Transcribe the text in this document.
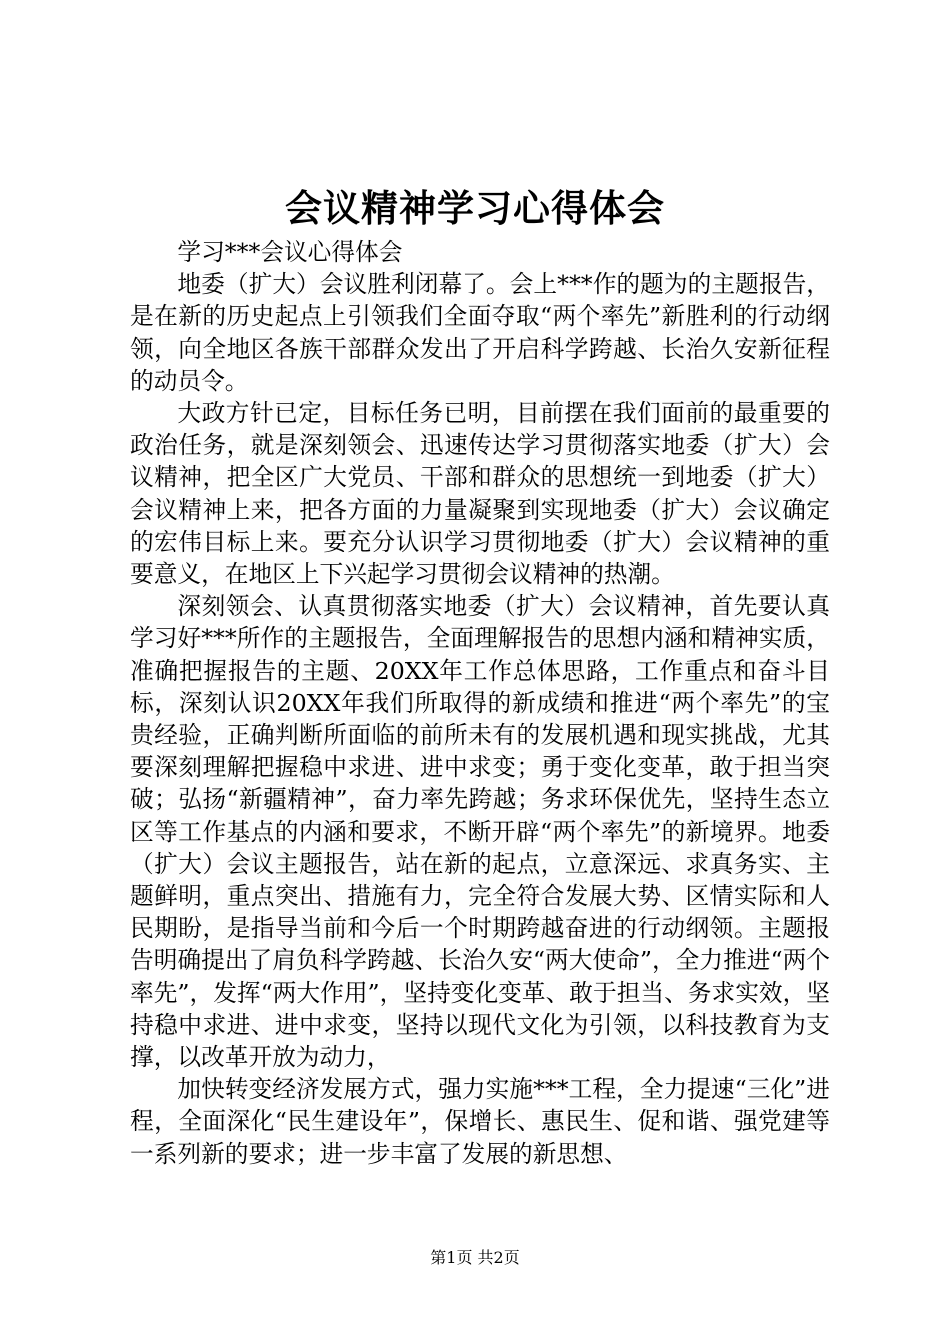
会议精神学习心得体会

学习***会议心得体会

地委（扩大）会议胜利闭幕了。会上***作的题为的主题报告，是在新的历史起点上引领我们全面夺取“两个率先”新胜利的行动纲领，向全地区各族干部群众发出了开启科学跨越、长治久安新征程的动员令。

大政方针已定，目标任务已明，目前摆在我们面前的最重要的政治任务，就是深刻领会、迅速传达学习贯彻落实地委（扩大）会议精神，把全区广大党员、干部和群众的思想统一到地委（扩大）会议精神上来，把各方面的力量凝聚到实现地委（扩大）会议确定的宏伟目标上来。要充分认识学习贯彻地委（扩大）会议精神的重要意义，在地区上下兴起学习贯彻会议精神的热潮。

深刻领会、认真贯彻落实地委（扩大）会议精神，首先要认真学习好***所作的主题报告，全面理解报告的思想内涵和精神实质，准确把握报告的主题、20XX年工作总体思路，工作重点和奋斗目标，深刻认识20XX年我们所取得的新成绩和推进“两个率先”的宝贵经验，正确判断所面临的前所未有的发展机遇和现实挑战，尤其要深刻理解把握稳中求进、进中求变；勇于变化变革，敢于担当突破；弘扬“新疆精神”，奋力率先跨越；务求环保优先，坚持生态立区等工作基点的内涵和要求，不断开辟“两个率先”的新境界。地委（扩大）会议主题报告，站在新的起点，立意深远、求真务实、主题鲜明，重点突出、措施有力，完全符合发展大势、区情实际和人民期盼，是指导当前和今后一个时期跨越奋进的行动纲领。主题报告明确提出了肩负科学跨越、长治久安“两大使命”，全力推进“两个率先”，发挥“两大作用”，坚持变化变革、敢于担当、务求实效，坚持稳中求进、进中求变，坚持以现代文化为引领，以科技教育为支撑，以改革开放为动力，

加快转变经济发展方式，强力实施***工程，全力提速“三化”进程，全面深化“民生建设年”，保增长、惠民生、促和谐、强党建等一系列新的要求；进一步丰富了发展的新思想、

第1页 共2页
